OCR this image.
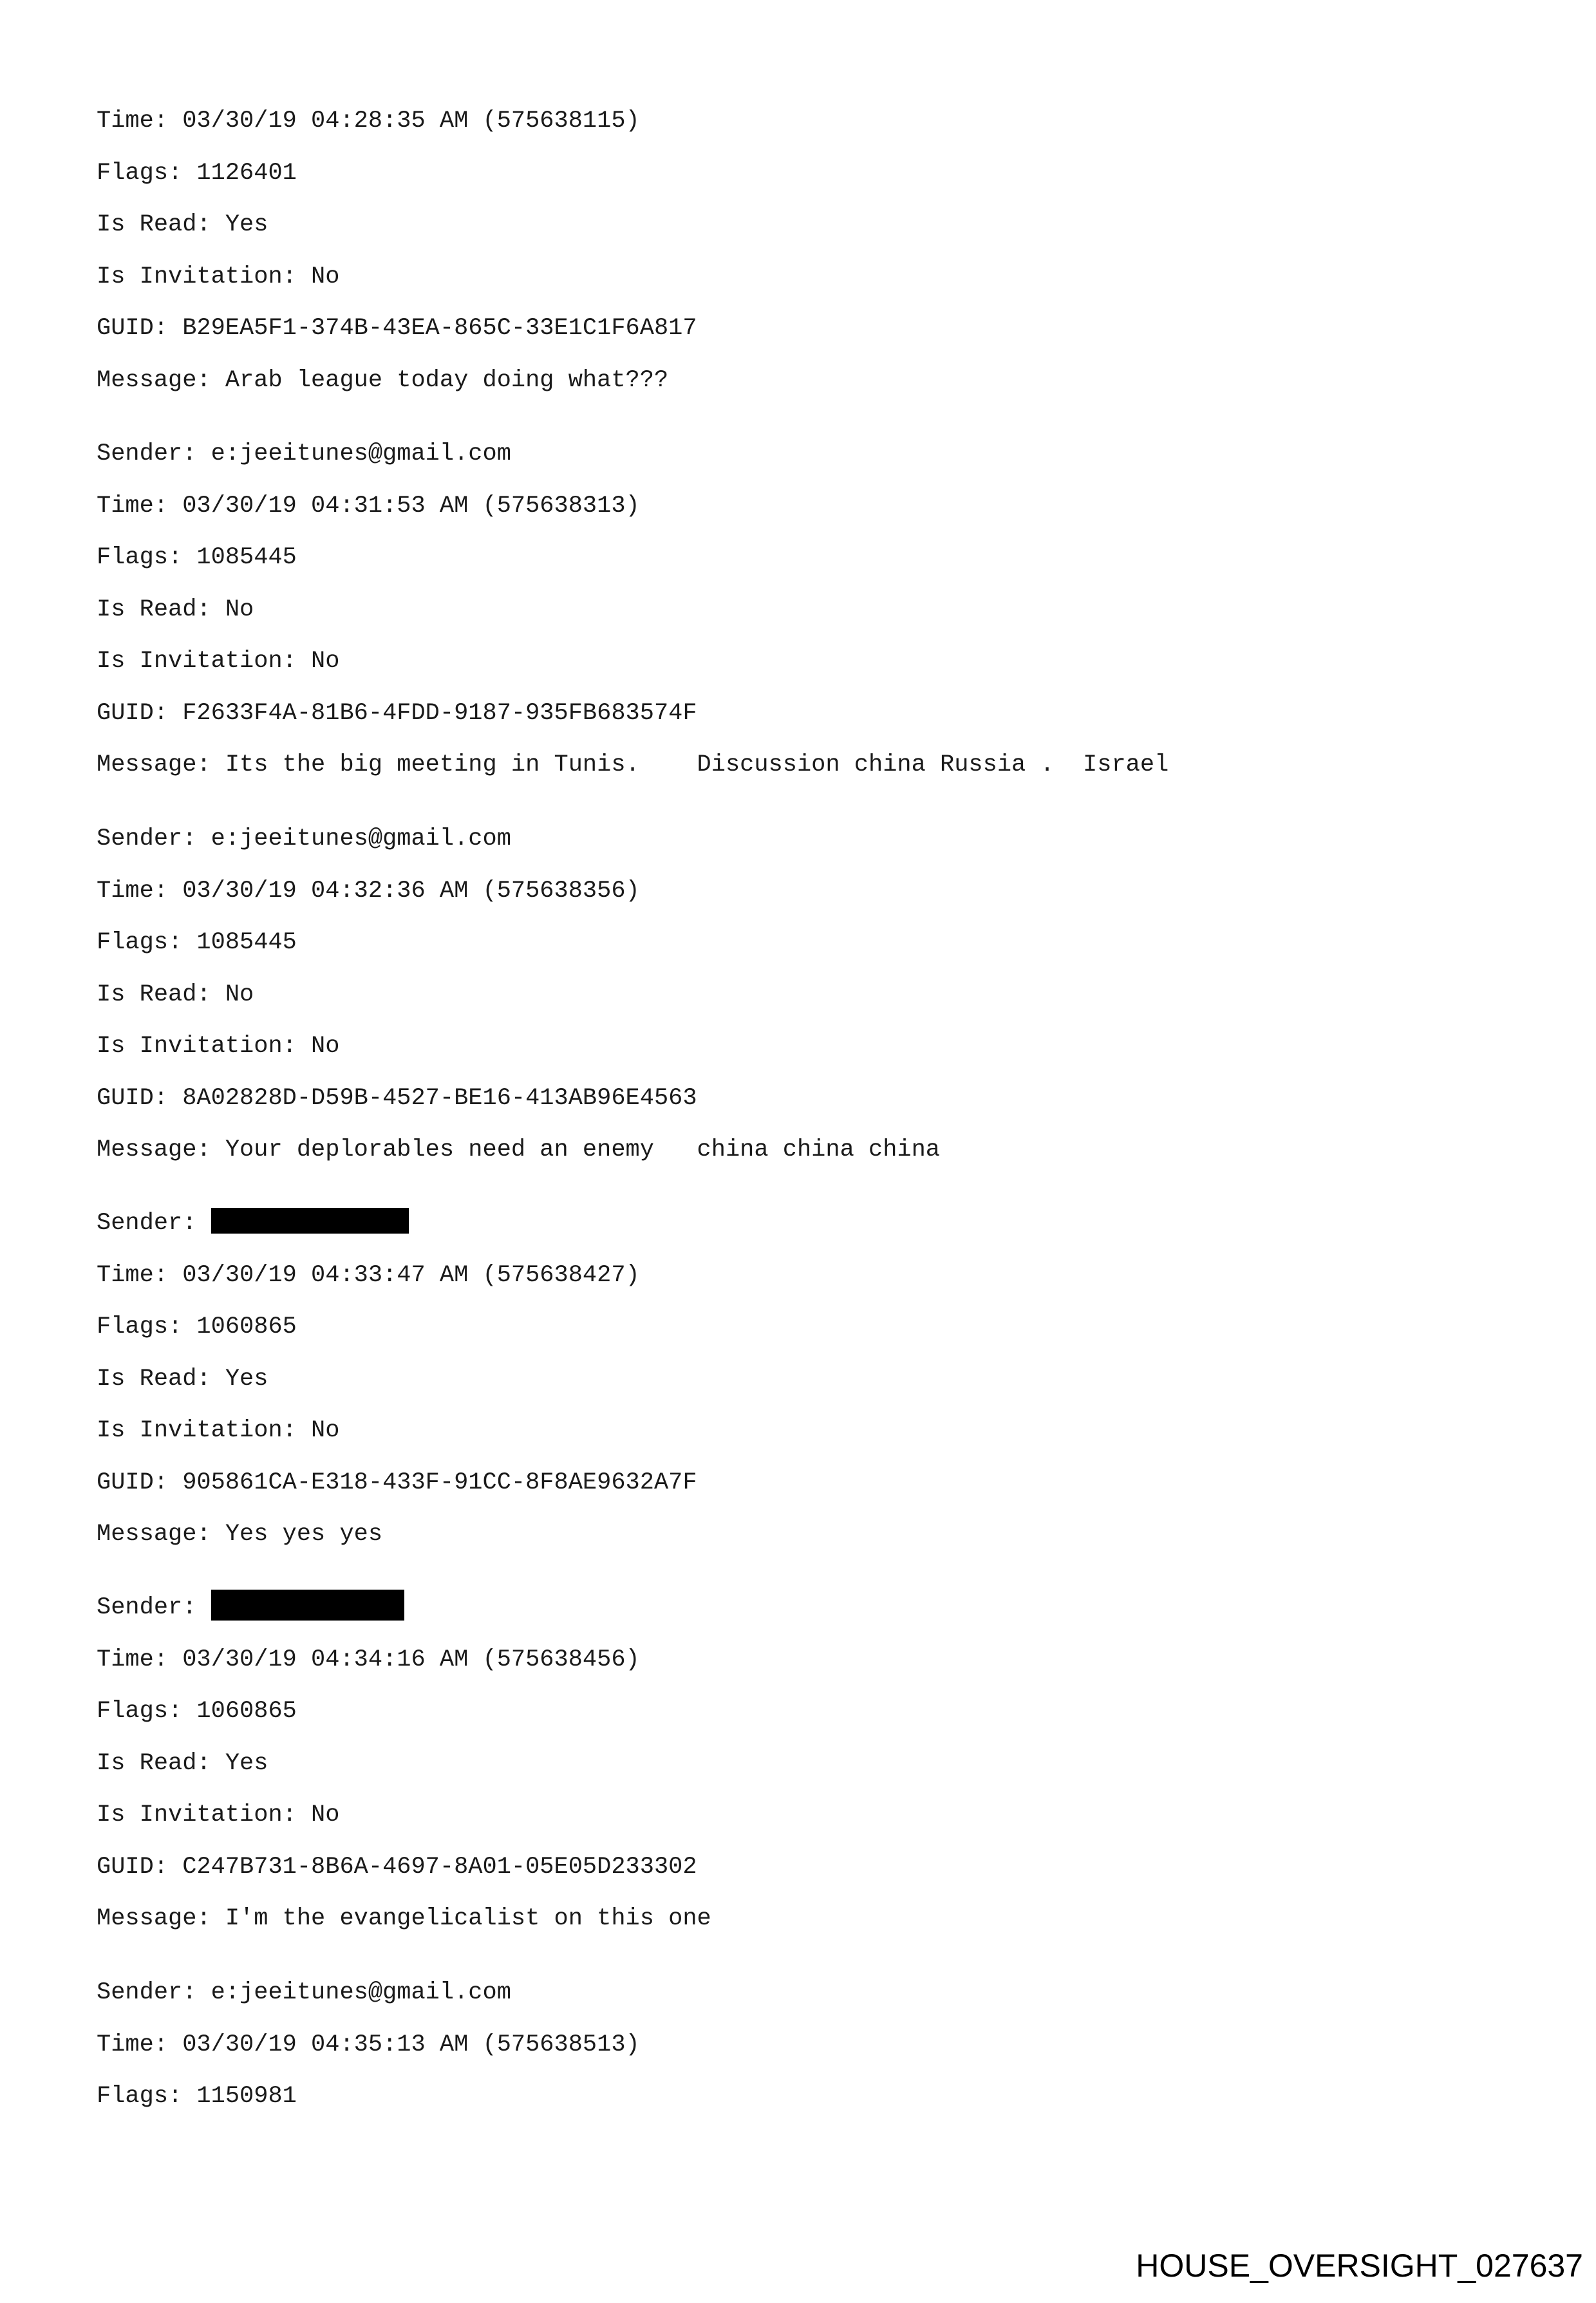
Time: 03/30/19 04:28:35 AM (575638115)
Flags: 1126401
Is Read: Yes
Is Invitation: No
GUID: B29EA5F1-374B-43EA-865C-33E1C1F6A817
Message: Arab league today doing what???
Sender: e:jeeitunes@gmail.com
Time: 03/30/19 04:31:53 AM (575638313)
Flags: 1085445
Is Read: No
Is Invitation: No
GUID: F2633F4A-81B6-4FDD-9187-935FB683574F
Message: Its the big meeting in Tunis.    Discussion china Russia .  Israel
Sender: e:jeeitunes@gmail.com
Time: 03/30/19 04:32:36 AM (575638356)
Flags: 1085445
Is Read: No
Is Invitation: No
GUID: 8A02828D-D59B-4527-BE16-413AB96E4563
Message: Your deplorables need an enemy   china china china
Sender:
Time: 03/30/19 04:33:47 AM (575638427)
Flags: 1060865
Is Read: Yes
Is Invitation: No
GUID: 905861CA-E318-433F-91CC-8F8AE9632A7F
Message: Yes yes yes
Sender:
Time: 03/30/19 04:34:16 AM (575638456)
Flags: 1060865
Is Read: Yes
Is Invitation: No
GUID: C247B731-8B6A-4697-8A01-05E05D233302
Message: I'm the evangelicalist on this one
Sender: e:jeeitunes@gmail.com
Time: 03/30/19 04:35:13 AM (575638513)
Flags: 1150981
HOUSE_OVERSIGHT_027637
